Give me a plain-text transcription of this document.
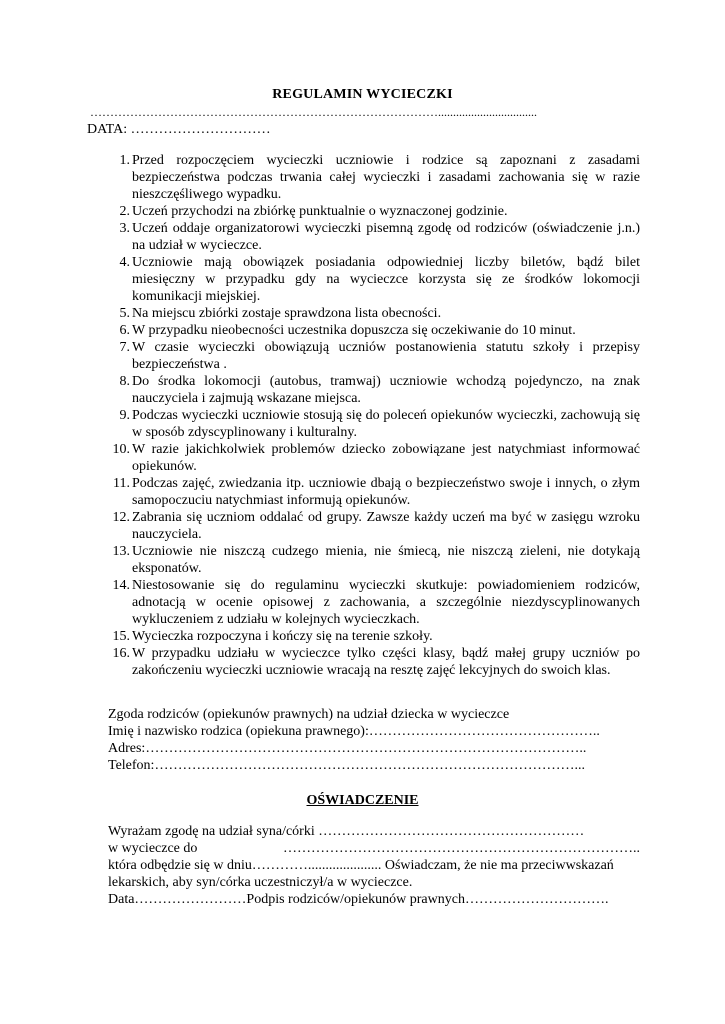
REGULAMIN WYCIECZKI
…………………………………………………………………………….................................
DATA: …………………………
1. Przed rozpoczęciem wycieczki uczniowie i rodzice są zapoznani z zasadami bezpieczeństwa podczas trwania całej wycieczki i zasadami zachowania się w razie nieszczęśliwego wypadku.
2. Uczeń przychodzi na zbiórkę punktualnie o wyznaczonej godzinie.
3. Uczeń oddaje organizatorowi wycieczki pisemną zgodę od rodziców (oświadczenie j.n.) na udział w wycieczce.
4. Uczniowie mają obowiązek posiadania odpowiedniej liczby biletów, bądź bilet miesięczny w przypadku gdy na wycieczce korzysta się ze środków lokomocji komunikacji miejskiej.
5. Na miejscu zbiórki zostaje sprawdzona lista obecności.
6. W przypadku nieobecności uczestnika dopuszcza się oczekiwanie do 10 minut.
7. W czasie wycieczki obowiązują uczniów postanowienia statutu szkoły i przepisy bezpieczeństwa .
8. Do środka lokomocji (autobus, tramwaj) uczniowie wchodzą pojedynczo, na znak nauczyciela i zajmują wskazane miejsca.
9. Podczas wycieczki uczniowie stosują się do poleceń opiekunów wycieczki, zachowują się w sposób zdyscyplinowany i kulturalny.
10. W razie jakichkolwiek problemów dziecko zobowiązane jest natychmiast informować opiekunów.
11. Podczas zajęć, zwiedzania itp. uczniowie dbają o bezpieczeństwo swoje i innych, o złym samopoczuciu natychmiast informują opiekunów.
12. Zabrania się uczniom oddalać od grupy. Zawsze każdy uczeń ma być w zasięgu wzroku nauczyciela.
13. Uczniowie nie niszczą cudzego mienia, nie śmiecą, nie niszczą zieleni, nie dotykają eksponatów.
14. Niestosowanie się do regulaminu wycieczki skutkuje: powiadomieniem rodziców, adnotacją w ocenie opisowej z zachowania, a szczególnie niezdyscyplinowanych wykluczeniem z udziału w kolejnych wycieczkach.
15. Wycieczka rozpoczyna i kończy się na terenie szkoły.
16. W przypadku udziału w wycieczce tylko części klasy, bądź małej grupy uczniów po zakończeniu wycieczki uczniowie wracają na resztę zajęć lekcyjnych do swoich klas.
Zgoda rodziców (opiekunów prawnych) na udział dziecka w wycieczce
Imię i nazwisko rodzica (opiekuna prawnego):…………………………………………..
Adres:…………………………………………………………………………………..
Telefon:………………………………………………………………………………...
OŚWIADCZENIE
Wyrażam zgodę na udział syna/córki …………………………………………………
w wycieczce do	…………………………………………………………………..
która odbędzie się w dniu…………..................... Oświadczam, że nie ma przeciwwskazań
lekarskich, aby syn/córka uczestniczył/a w wycieczce.
Data……………………Podpis rodziców/opiekunów prawnych………………………….
